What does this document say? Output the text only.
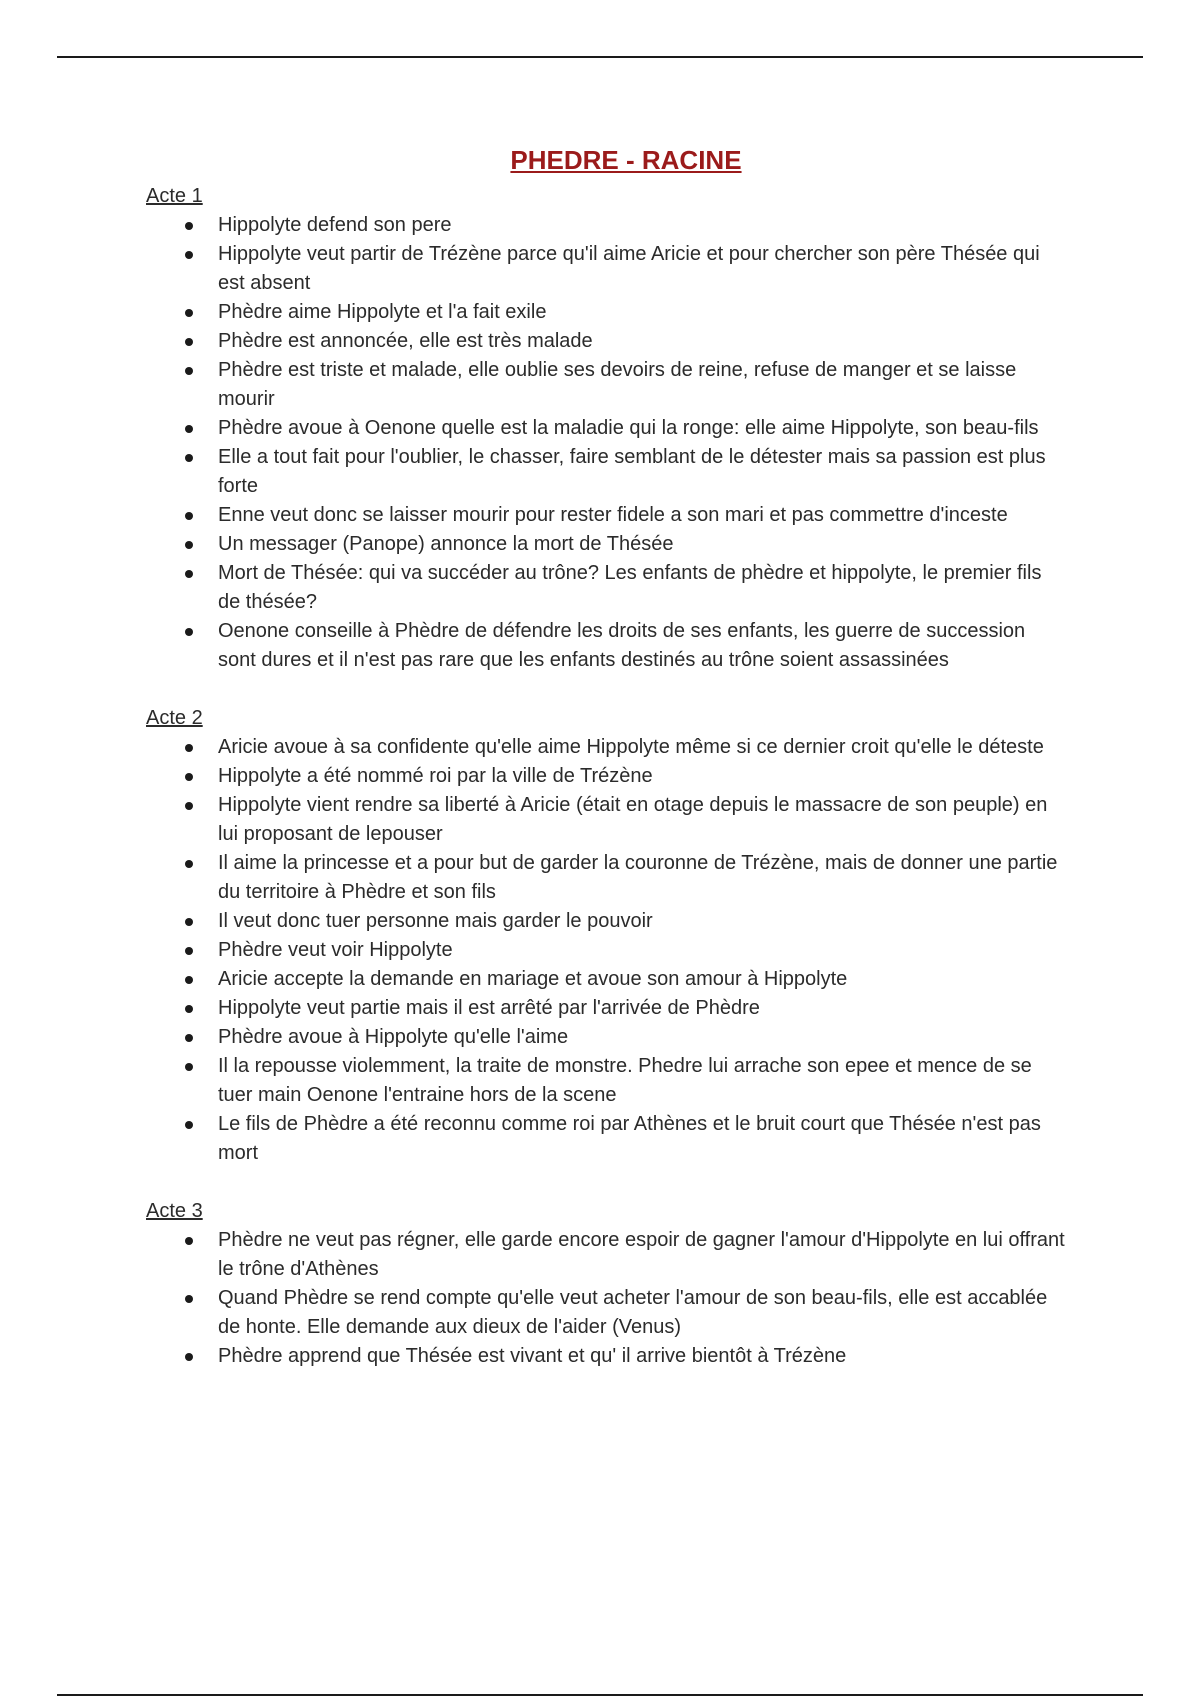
PHEDRE - RACINE
Acte 1
Hippolyte defend son pere
Hippolyte veut partir de Trézène parce qu'il aime Aricie et pour chercher son père Thésée qui est absent
Phèdre aime Hippolyte et l'a fait exile
Phèdre est annoncée, elle est très malade
Phèdre est triste et malade, elle oublie ses devoirs de reine, refuse de manger et se laisse mourir
Phèdre avoue à Oenone quelle est la maladie qui la ronge: elle aime Hippolyte, son beau-fils
Elle a tout fait pour l'oublier, le chasser, faire semblant de le détester mais sa passion est plus forte
Enne veut donc se laisser mourir pour rester fidele a son mari et pas commettre d'inceste
Un messager (Panope) annonce la mort de Thésée
Mort de Thésée: qui va succéder au trône? Les enfants de phèdre et hippolyte, le premier fils de thésée?
Oenone conseille à Phèdre de défendre les droits de ses enfants, les guerre de succession sont dures et il n'est pas rare que les enfants destinés au trône soient assassinées
Acte 2
Aricie avoue à sa confidente qu'elle aime Hippolyte même si ce dernier croit qu'elle le déteste
Hippolyte a été nommé roi par la ville de Trézène
Hippolyte vient rendre sa liberté à Aricie (était en otage depuis le massacre de son peuple) en lui proposant de lepouser
Il aime la princesse et a pour but de garder la couronne de Trézène, mais de donner une partie du territoire à Phèdre et son fils
Il veut donc tuer personne mais garder le pouvoir
Phèdre veut voir Hippolyte
Aricie accepte la demande en mariage et avoue son amour à Hippolyte
Hippolyte veut partie mais il est arrêté par l'arrivée de Phèdre
Phèdre avoue à Hippolyte qu'elle l'aime
Il la repousse violemment, la traite de monstre. Phedre lui arrache son epee et mence de se tuer main Oenone l'entraine hors de la scene
Le fils de Phèdre a été reconnu comme roi par Athènes et le bruit court que Thésée n'est pas mort
Acte 3
Phèdre ne veut pas régner, elle garde encore espoir de gagner l'amour d'Hippolyte en lui offrant le trône d'Athènes
Quand Phèdre se rend compte qu'elle veut acheter l'amour de son beau-fils, elle est accablée de honte. Elle demande aux dieux de l'aider (Venus)
Phèdre apprend que Thésée est vivant et qu' il arrive bientôt à Trézène
